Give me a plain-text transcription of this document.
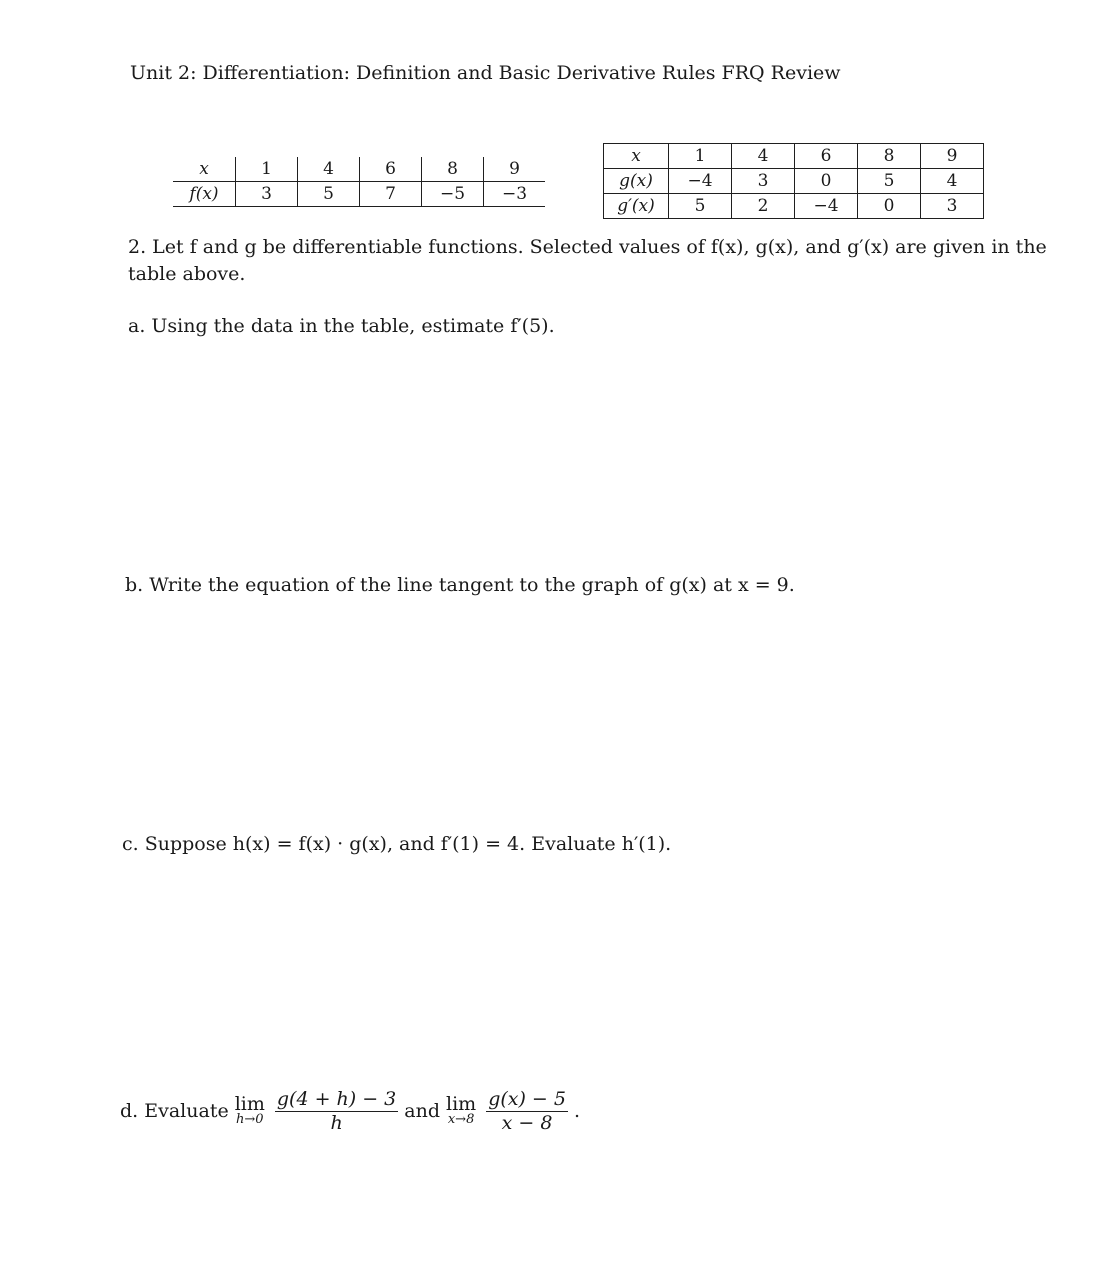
Unit 2: Differentiation: Definition and Basic Derivative Rules FRQ Review
x	1	4	6	8	9
f(x)	3	5	7	−5	−3
x	1	4	6	8	9
g(x)	−4	3	0	5	4
g′(x)	5	2	−4	0	3
2. Let f and g be differentiable functions. Selected values of f(x), g(x), and g′(x) are given in the table above.
a. Using the data in the table, estimate f′(5).
b. Write the equation of the line tangent to the graph of g(x) at x = 9.
c. Suppose h(x) = f(x) · g(x), and f′(1) = 4. Evaluate h′(1).
d. Evaluate lim
$h\to 0 \frac{g(4 + h) - 3}{h}$ and lim
$x\to 8 \frac{g(x) - 5}{x - 8}$ .
